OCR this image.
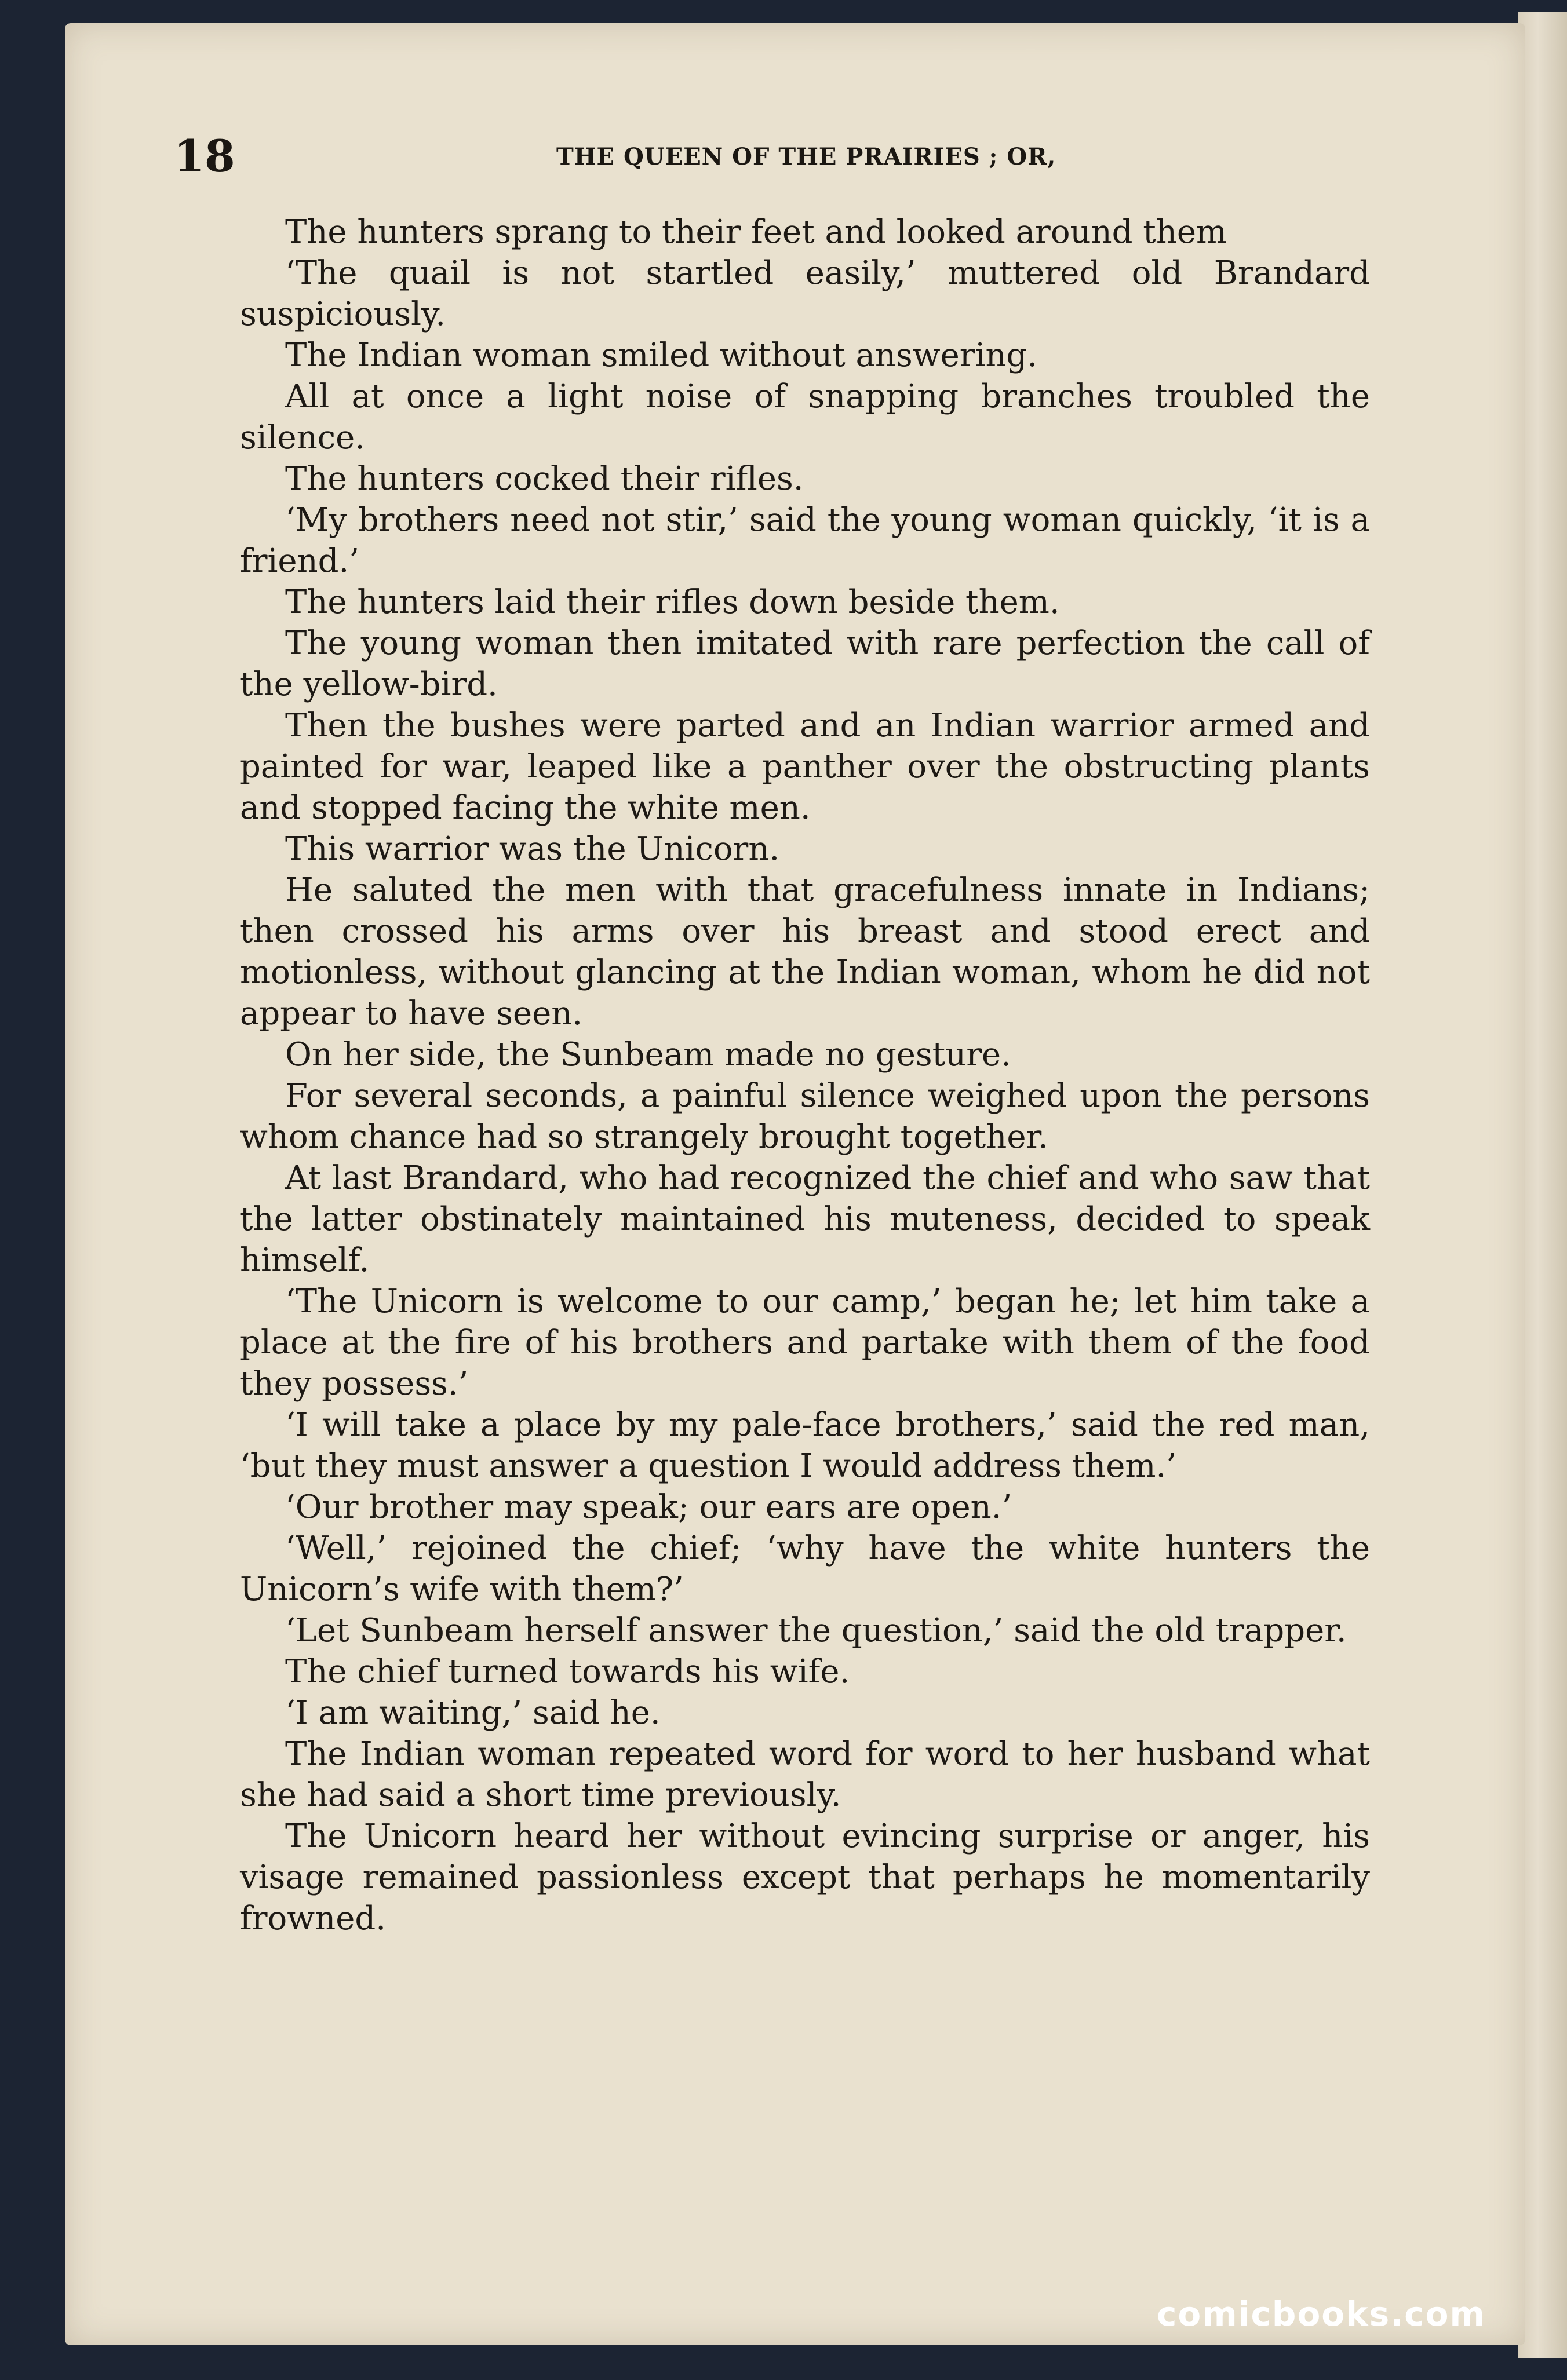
18	THE QUEEN OF THE PRAIRIES ; OR,

The hunters sprang to their feet and looked around them

‘The quail is not startled easily,’ muttered old Brandard suspiciously.

The Indian woman smiled without answering.

All at once a light noise of snapping branches troubled the silence.

The hunters cocked their rifles.

‘My brothers need not stir,’ said the young woman quickly, ‘it is a friend.’

The hunters laid their rifles down beside them.

The young woman then imitated with rare perfection the call of the yellow-bird.

Then the bushes were parted and an Indian warrior armed and painted for war, leaped like a panther over the obstructing plants and stopped facing the white men.

This warrior was the Unicorn.

He saluted the men with that gracefulness innate in Indians; then crossed his arms over his breast and stood erect and motionless, without glancing at the Indian woman, whom he did not appear to have seen.

On her side, the Sunbeam made no gesture.

For several seconds, a painful silence weighed upon the persons whom chance had so strangely brought together.

At last Brandard, who had recognized the chief and who saw that the latter obstinately maintained his muteness, decided to speak himself.

‘The Unicorn is welcome to our camp,’ began he; let him take a place at the fire of his brothers and partake with them of the food they possess.’

‘I will take a place by my pale-face brothers,’ said the red man, ‘but they must answer a question I would address them.’

‘Our brother may speak; our ears are open.’

‘Well,’ rejoined the chief; ‘why have the white hunters the Unicorn’s wife with them?’

‘Let Sunbeam herself answer the question,’ said the old trapper.

The chief turned towards his wife.

‘I am waiting,’ said he.

The Indian woman repeated word for word to her husband what she had said a short time previously.

The Unicorn heard her without evincing surprise or anger, his visage remained passionless except that perhaps he momentarily frowned.

comicbooks.com
